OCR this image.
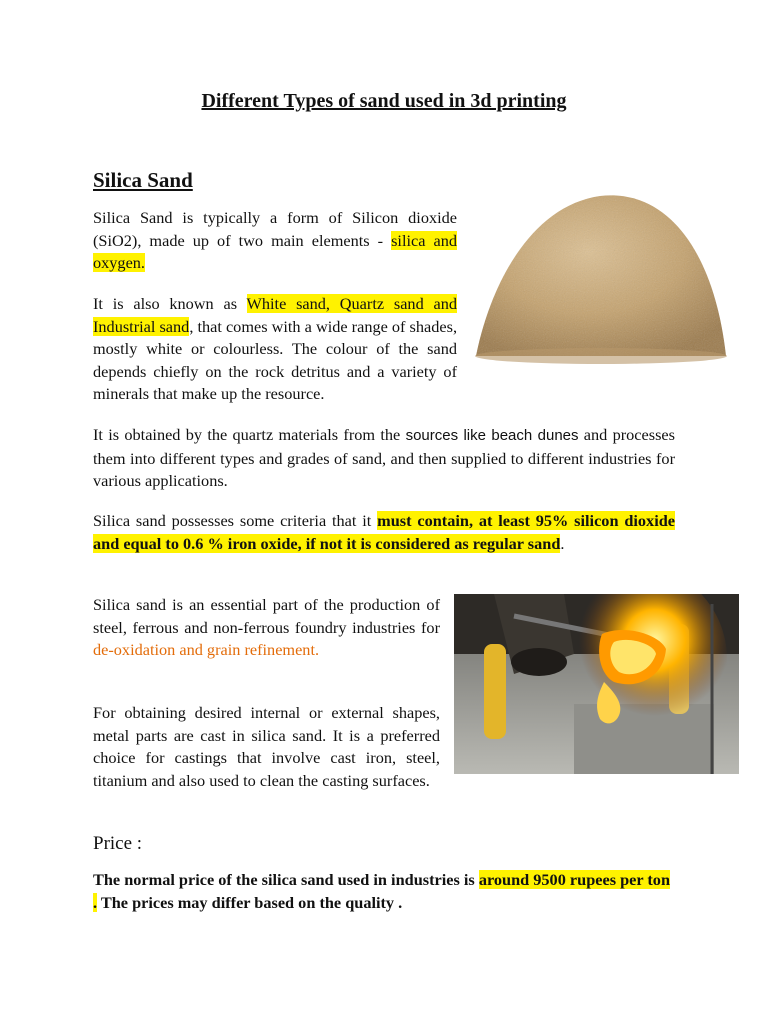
Different Types of sand used in 3d printing
Silica Sand
Silica Sand is typically a form of Silicon dioxide (SiO2), made up of two main elements - silica and oxygen.
It is also known as White sand, Quartz sand and Industrial sand, that comes with a wide range of shades, mostly white or colourless. The colour of the sand depends chiefly on the rock detritus and a variety of minerals that make up the resource.
It is obtained by the quartz materials from the sources like beach dunes and processes them into different types and grades of sand, and then supplied to different industries for various applications.
Silica sand possesses some criteria that it must contain, at least 95% silicon dioxide and equal to 0.6 % iron oxide, if not it is considered as regular sand.
Silica sand is an essential part of the production of steel, ferrous and non-ferrous foundry industries for de-oxidation and grain refinement.
For obtaining desired internal or external shapes, metal parts are cast in silica sand. It is a preferred choice for castings that involve cast iron, steel, titanium and also used to clean the casting surfaces.
Price :
The normal price of the silica sand used in industries is around 9500 rupees per ton . The prices may differ based on the quality .
